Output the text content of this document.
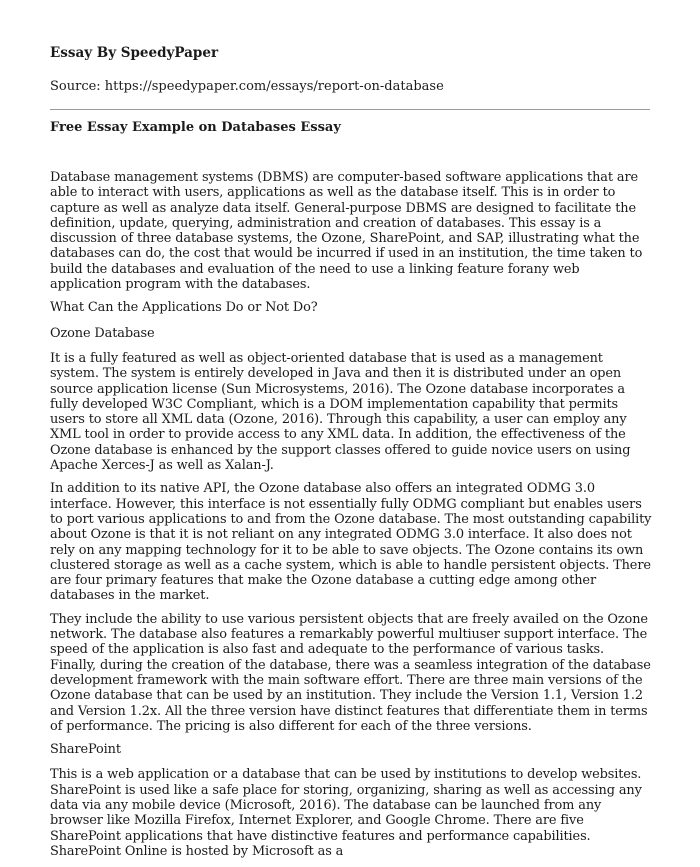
Essay By SpeedyPaper

Source: https://speedypaper.com/essays/report-on-database

Free Essay Example on Databases Essay

Database management systems (DBMS) are computer-based software applications that are able to interact with users, applications as well as the database itself. This is in order to capture as well as analyze data itself. General-purpose DBMS are designed to facilitate the definition, update, querying, administration and creation of databases. This essay is a discussion of three database systems, the Ozone, SharePoint, and SAP, illustrating what the databases can do, the cost that would be incurred if used in an institution, the time taken to build the databases and evaluation of the need to use a linking feature forany web application program with the databases.

What Can the Applications Do or Not Do?

Ozone Database

It is a fully featured as well as object-oriented database that is used as a management system. The system is entirely developed in Java and then it is distributed under an open source application license (Sun Microsystems, 2016). The Ozone database incorporates a fully developed W3C Compliant, which is a DOM implementation capability that permits users to store all XML data (Ozone, 2016). Through this capability, a user can employ any XML tool in order to provide access to any XML data. In addition, the effectiveness of the Ozone database is enhanced by the support classes offered to guide novice users on using Apache Xerces-J as well as Xalan-J.

In addition to its native API, the Ozone database also offers an integrated ODMG 3.0 interface. However, this interface is not essentially fully ODMG compliant but enables users to port various applications to and from the Ozone database. The most outstanding capability about Ozone is that it is not reliant on any integrated ODMG 3.0 interface. It also does not rely on any mapping technology for it to be able to save objects. The Ozone contains its own clustered storage as well as a cache system, which is able to handle persistent objects. There are four primary features that make the Ozone database a cutting edge among other databases in the market.

They include the ability to use various persistent objects that are freely availed on the Ozone network. The database also features a remarkably powerful multiuser support interface. The speed of the application is also fast and adequate to the performance of various tasks. Finally, during the creation of the database, there was a seamless integration of the database development framework with the main software effort. There are three main versions of the Ozone database that can be used by an institution. They include the Version 1.1, Version 1.2 and Version 1.2x. All the three version have distinct features that differentiate them in terms of performance. The pricing is also different for each of the three versions.

SharePoint

This is a web application or a database that can be used by institutions to develop websites. SharePoint is used like a safe place for storing, organizing, sharing as well as accessing any data via any mobile device (Microsoft, 2016). The database can be launched from any browser like Mozilla Firefox, Internet Explorer, and Google Chrome. There are five SharePoint applications that have distinctive features and performance capabilities. SharePoint Online is hosted by Microsoft as a
